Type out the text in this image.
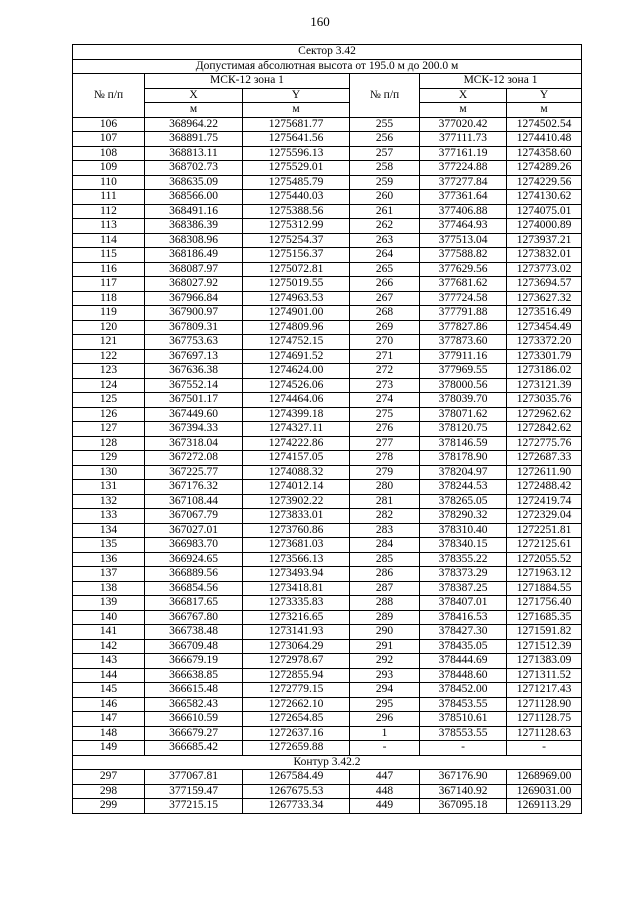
160
Сектор 3.42					
Допустимая абсолютная высота от 195.0 м до 200.0 м					
№ п/п	МСК-12 зона 1		№ п/п	МСК-12 зона 1	
	X	Y		X	Y
	м	м		м	м
106	368964.22	1275681.77	255	377020.42	1274502.54
107	368891.75	1275641.56	256	377111.73	1274410.48
108	368813.11	1275596.13	257	377161.19	1274358.60
109	368702.73	1275529.01	258	377224.88	1274289.26
110	368635.09	1275485.79	259	377277.84	1274229.56
111	368566.00	1275440.03	260	377361.64	1274130.62
112	368491.16	1275388.56	261	377406.88	1274075.01
113	368386.39	1275312.99	262	377464.93	1274000.89
114	368308.96	1275254.37	263	377513.04	1273937.21
115	368186.49	1275156.37	264	377588.82	1273832.01
116	368087.97	1275072.81	265	377629.56	1273773.02
117	368027.92	1275019.55	266	377681.62	1273694.57
118	367966.84	1274963.53	267	377724.58	1273627.32
119	367900.97	1274901.00	268	377791.88	1273516.49
120	367809.31	1274809.96	269	377827.86	1273454.49
121	367753.63	1274752.15	270	377873.60	1273372.20
122	367697.13	1274691.52	271	377911.16	1273301.79
123	367636.38	1274624.00	272	377969.55	1273186.02
124	367552.14	1274526.06	273	378000.56	1273121.39
125	367501.17	1274464.06	274	378039.70	1273035.76
126	367449.60	1274399.18	275	378071.62	1272962.62
127	367394.33	1274327.11	276	378120.75	1272842.62
128	367318.04	1274222.86	277	378146.59	1272775.76
129	367272.08	1274157.05	278	378178.90	1272687.33
130	367225.77	1274088.32	279	378204.97	1272611.90
131	367176.32	1274012.14	280	378244.53	1272488.42
132	367108.44	1273902.22	281	378265.05	1272419.74
133	367067.79	1273833.01	282	378290.32	1272329.04
134	367027.01	1273760.86	283	378310.40	1272251.81
135	366983.70	1273681.03	284	378340.15	1272125.61
136	366924.65	1273566.13	285	378355.22	1272055.52
137	366889.56	1273493.94	286	378373.29	1271963.12
138	366854.56	1273418.81	287	378387.25	1271884.55
139	366817.65	1273335.83	288	378407.01	1271756.40
140	366767.80	1273216.65	289	378416.53	1271685.35
141	366738.48	1273141.93	290	378427.30	1271591.82
142	366709.48	1273064.29	291	378435.05	1271512.39
143	366679.19	1272978.67	292	378444.69	1271383.09
144	366638.85	1272855.94	293	378448.60	1271311.52
145	366615.48	1272779.15	294	378452.00	1271217.43
146	366582.43	1272662.10	295	378453.55	1271128.90
147	366610.59	1272654.85	296	378510.61	1271128.75
148	366679.27	1272637.16	1	378553.55	1271128.63
149	366685.42	1272659.88	-	-	-
Контур 3.42.2					
297	377067.81	1267584.49	447	367176.90	1268969.00
298	377159.47	1267675.53	448	367140.92	1269031.00
299	377215.15	1267733.34	449	367095.18	1269113.29
